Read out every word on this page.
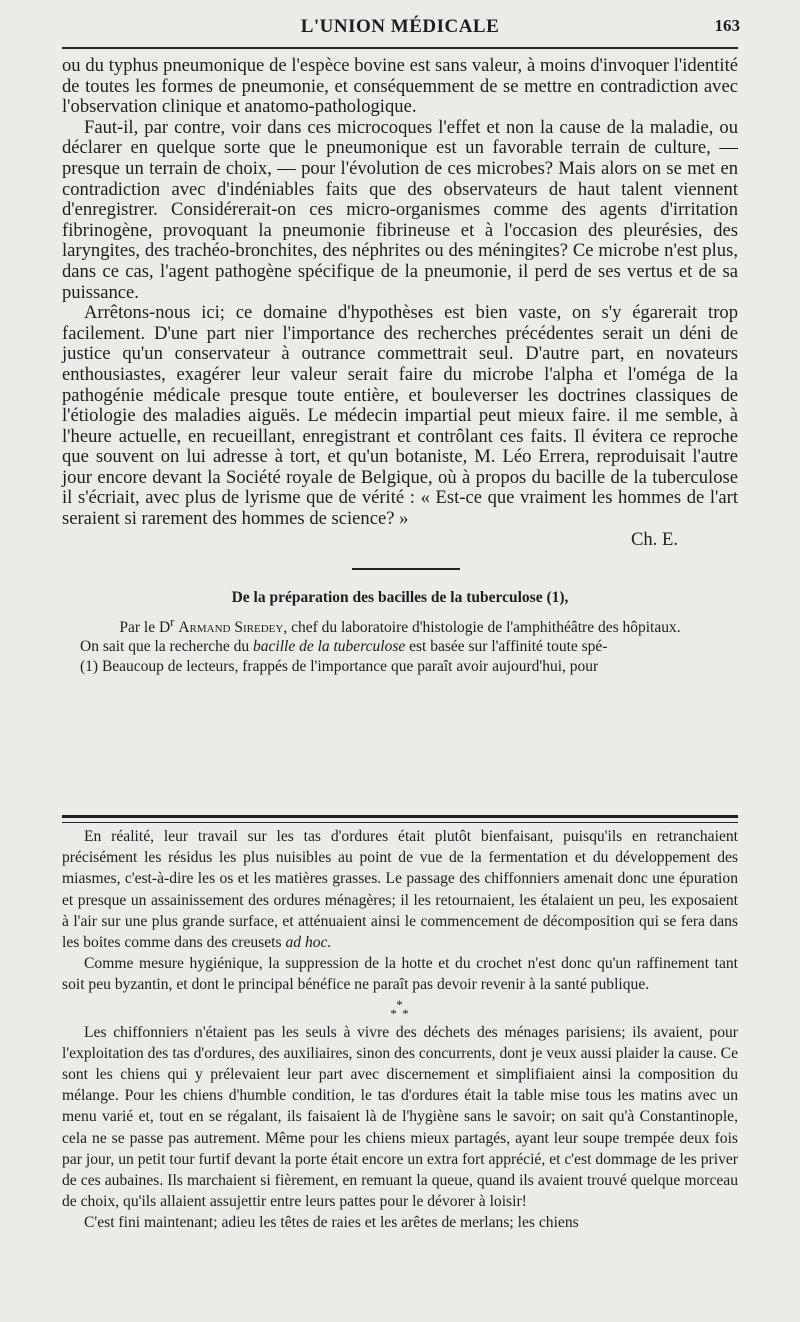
L'UNION MÉDICALE	163

ou du typhus pneumonique de l'espèce bovine est sans valeur, à moins d'invoquer l'identité de toutes les formes de pneumonie, et conséquemment de se mettre en contradiction avec l'observation clinique et anatomo-pathologique.

Faut-il, par contre, voir dans ces microcoques l'effet et non la cause de la maladie, ou déclarer en quelque sorte que le pneumonique est un favorable terrain de culture, — presque un terrain de choix, — pour l'évolution de ces microbes? Mais alors on se met en contradiction avec d'indéniables faits que des observateurs de haut talent viennent d'enregistrer. Considérerait-on ces micro-organismes comme des agents d'irritation fibrinogène, provoquant la pneumonie fibrineuse et à l'occasion des pleurésies, des laryngites, des trachéo-bronchites, des néphrites ou des méningites? Ce microbe n'est plus, dans ce cas, l'agent pathogène spécifique de la pneumonie, il perd de ses vertus et de sa puissance.

Arrêtons-nous ici; ce domaine d'hypothèses est bien vaste, on s'y égarerait trop facilement. D'une part nier l'importance des recherches précédentes serait un déni de justice qu'un conservateur à outrance commettrait seul. D'autre part, en novateurs enthousiastes, exagérer leur valeur serait faire du microbe l'alpha et l'oméga de la pathogénie médicale presque toute entière, et bouleverser les doctrines classiques de l'étiologie des maladies aiguës. Le médecin impartial peut mieux faire. il me semble, à l'heure actuelle, en recueillant, enregistrant et contrôlant ces faits. Il évitera ce reproche que souvent on lui adresse à tort, et qu'un botaniste, M. Léo Errera, reproduisait l'autre jour encore devant la Société royale de Belgique, où à propos du bacille de la tuberculose il s'écriait, avec plus de lyrisme que de vérité : « Est-ce que vraiment les hommes de l'art seraient si rarement des hommes de science? »

Ch. E.

De la préparation des bacilles de la tuberculose (1),
Par le $D^r$ Armand Siredey, chef du laboratoire d'histologie de l'amphithéâtre des hôpitaux.

On sait que la recherche du bacille de la tuberculose est basée sur l'affinité toute spé-

(1) Beaucoup de lecteurs, frappés de l'importance que paraît avoir aujourd'hui, pour

En réalité, leur travail sur les tas d'ordures était plutôt bienfaisant, puisqu'ils en retranchaient précisément les résidus les plus nuisibles au point de vue de la fermentation et du développement des miasmes, c'est-à-dire les os et les matières grasses. Le passage des chiffonniers amenait donc une épuration et presque un assainissement des ordures ménagères; il les retournaient, les étalaient un peu, les exposaient à l'air sur une plus grande surface, et atténuaient ainsi le commencement de décomposition qui se fera dans les boites comme dans des creusets ad hoc.

Comme mesure hygiénique, la suppression de la hotte et du crochet n'est donc qu'un raffinement tant soit peu byzantin, et dont le principal bénéfice ne paraît pas devoir revenir à la santé publique.

*
* *

Les chiffonniers n'étaient pas les seuls à vivre des déchets des ménages parisiens; ils avaient, pour l'exploitation des tas d'ordures, des auxiliaires, sinon des concurrents, dont je veux aussi plaider la cause. Ce sont les chiens qui y prélevaient leur part avec discernement et simplifiaient ainsi la composition du mélange. Pour les chiens d'humble condition, le tas d'ordures était la table mise tous les matins avec un menu varié et, tout en se régalant, ils faisaient là de l'hygiène sans le savoir; on sait qu'à Constantinople, cela ne se passe pas autrement. Même pour les chiens mieux partagés, ayant leur soupe trempée deux fois par jour, un petit tour furtif devant la porte était encore un extra fort apprécié, et c'est dommage de les priver de ces aubaines. Ils marchaient si fièrement, en remuant la queue, quand ils avaient trouvé quelque morceau de choix, qu'ils allaient assujettir entre leurs pattes pour le dévorer à loisir!

C'est fini maintenant; adieu les têtes de raies et les arêtes de merlans; les chiens
